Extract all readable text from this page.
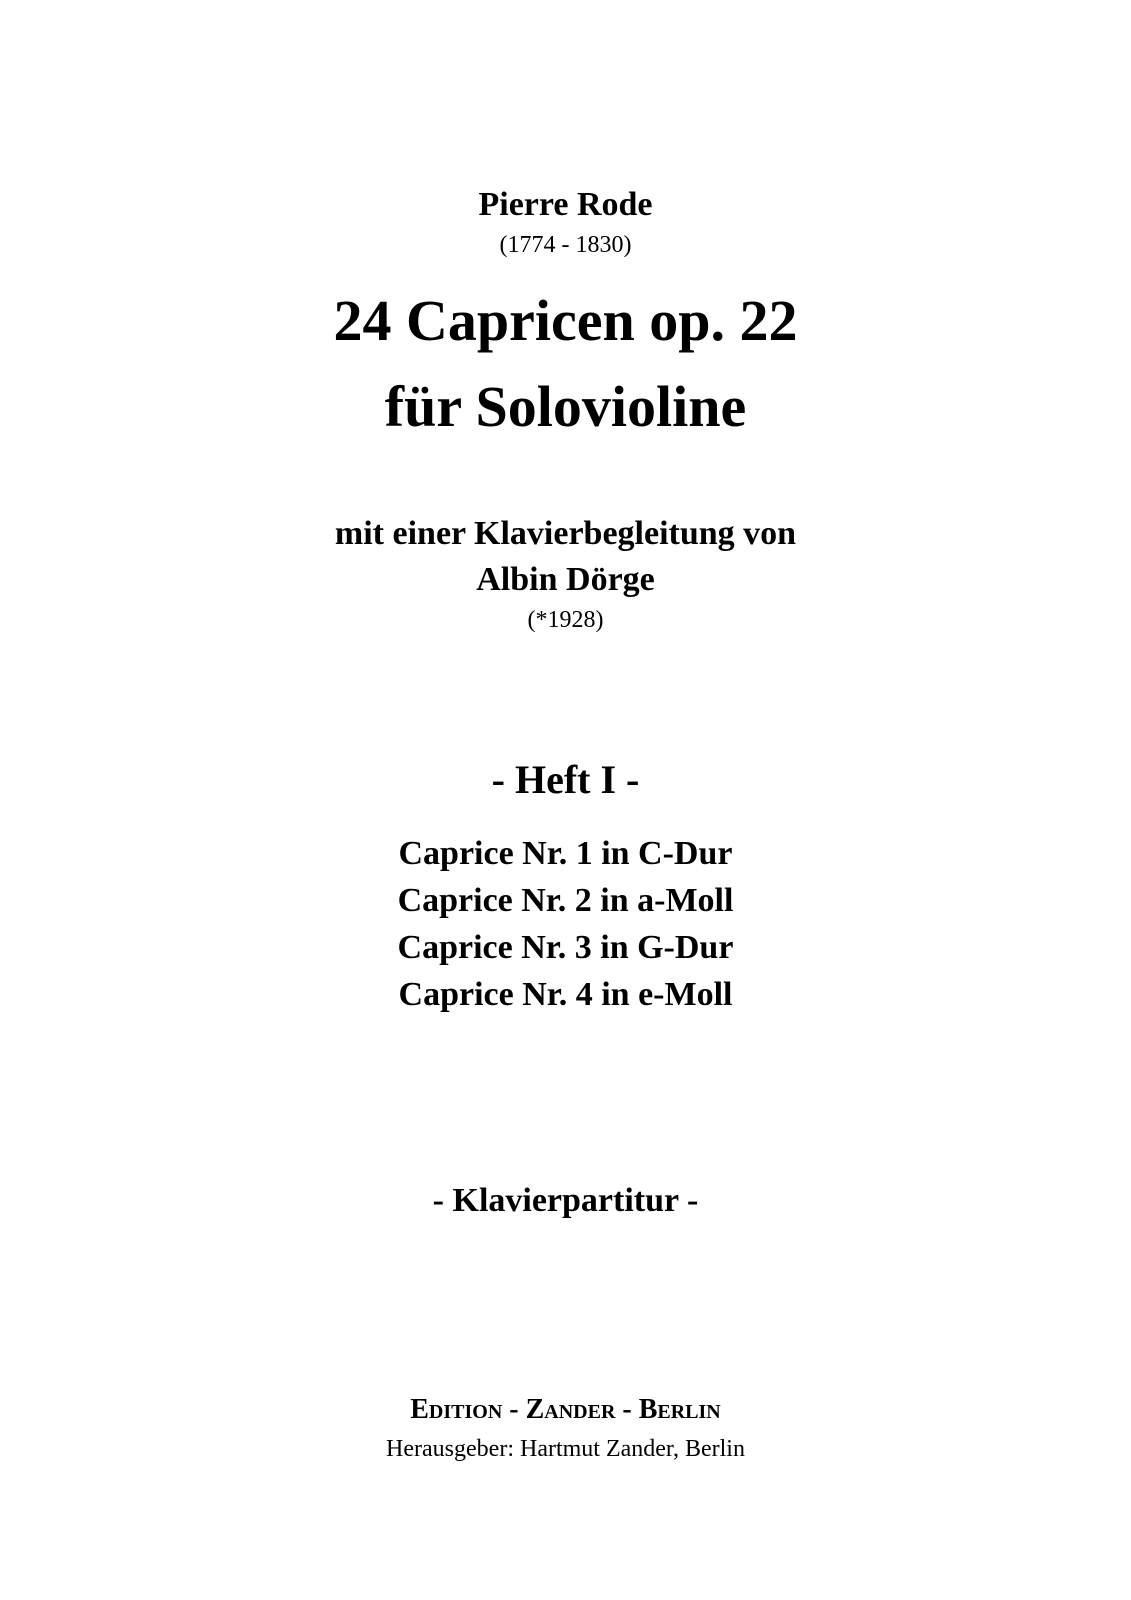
Pierre Rode
(1774 - 1830)
24 Capricen op. 22
für Solovioline
mit einer Klavierbegleitung von
Albin Dörge
(*1928)
- Heft I -
Caprice Nr. 1 in C-Dur
Caprice Nr. 2 in a-Moll
Caprice Nr. 3 in G-Dur
Caprice Nr. 4 in e-Moll
- Klavierpartitur -
Edition - Zander - Berlin
Herausgeber: Hartmut Zander, Berlin
